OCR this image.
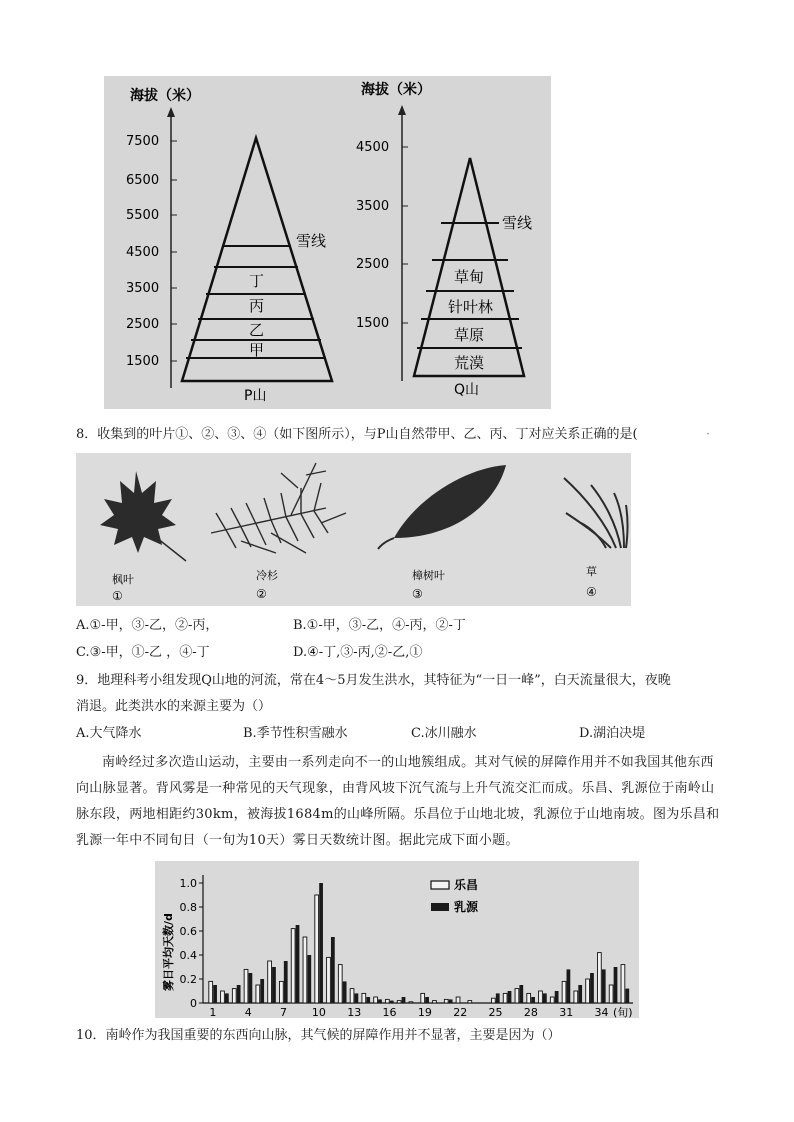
海拔（米）
7500
6500
5500
4500
3500
2500
1500
雪线
丁
丙
乙
甲
P山
海拔（米）
4500
3500
2500
1500
雪线
草甸
针叶林
草原
荒漠
Q山
8．收集到的叶片①、②、③、④（如下图所示），与P山自然带甲、乙、丙、丁对应关系正确的是(	·
枫叶
①
冷杉
②
樟树叶
③
草
④
A.①-甲，③-乙，②-丙，	B.①-甲，③-乙，④-丙，②-丁
C.③-甲，①-乙 ，④-丁	D.④-丁,③-丙,②-乙,①
9．地理科考小组发现Q山地的河流，常在4～5月发生洪水，其特征为“一日一峰”，白天流量很大，夜晚
消退。此类洪水的来源主要为（）
A.大气降水	B.季节性积雪融水	C.冰川融水	D.湖泊决堤
南岭经过多次造山运动，主要由一系列走向不一的山地簇组成。其对气候的屏障作用并不如我国其他东西向山脉显著。背风雾是一种常见的天气现象，由背风坡下沉气流与上升气流交汇而成。乐昌、乳源位于南岭山脉东段，两地相距约30km，被海拔1684m的山峰所隔。乐昌位于山地北坡，乳源位于山地南坡。图为乐昌和乳源一年中不同旬日（一旬为10天）雾日天数统计图。据此完成下面小题。
雾日平均天数/d
1.0
0.8
0.6
0.4
0.2
0
1	4	7 10 13 16 19 22 25 28 31 34 (旬)
乐昌
乳源
10．南岭作为我国重要的东西向山脉，其气候的屏障作用并不显著，主要是因为（）
